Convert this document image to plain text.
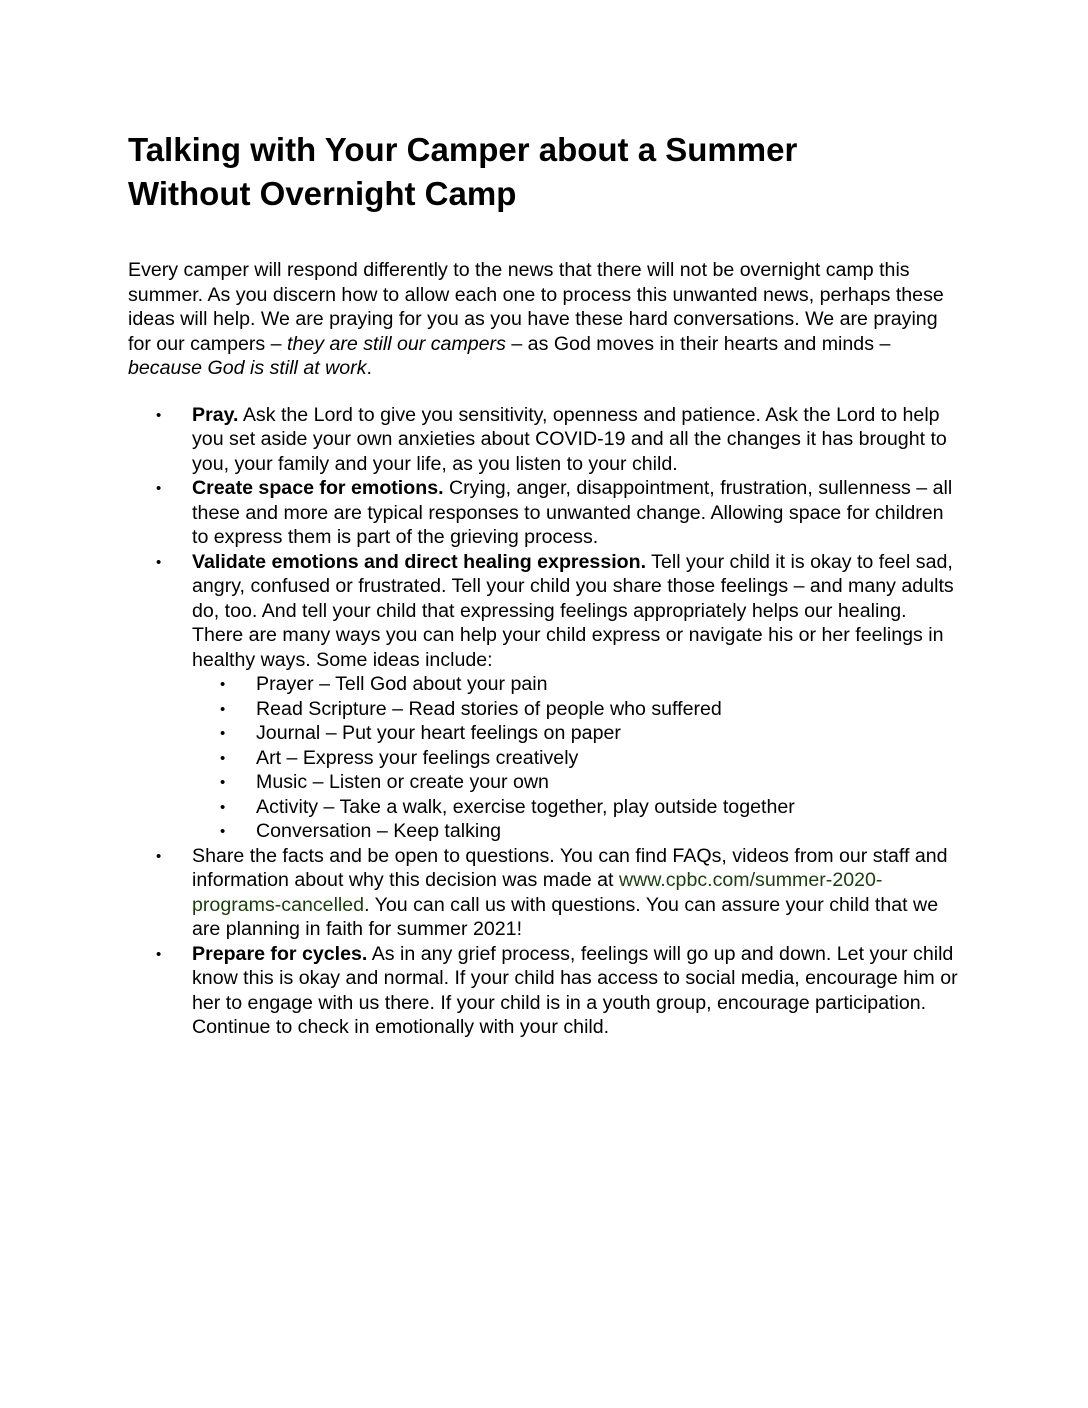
Talking with Your Camper about a Summer
Without Overnight Camp

Every camper will respond differently to the news that there will not be overnight camp this summer. As you discern how to allow each one to process this unwanted news, perhaps these ideas will help. We are praying for you as you have these hard conversations. We are praying for our campers – they are still our campers – as God moves in their hearts and minds – because God is still at work.

• Pray. Ask the Lord to give you sensitivity, openness and patience. Ask the Lord to help you set aside your own anxieties about COVID-19 and all the changes it has brought to you, your family and your life, as you listen to your child.
• Create space for emotions. Crying, anger, disappointment, frustration, sullenness – all these and more are typical responses to unwanted change. Allowing space for children to express them is part of the grieving process.
• Validate emotions and direct healing expression. Tell your child it is okay to feel sad, angry, confused or frustrated. Tell your child you share those feelings – and many adults do, too. And tell your child that expressing feelings appropriately helps our healing. There are many ways you can help your child express or navigate his or her feelings in healthy ways. Some ideas include:
• Prayer – Tell God about your pain
• Read Scripture – Read stories of people who suffered
• Journal – Put your heart feelings on paper
• Art – Express your feelings creatively
• Music – Listen or create your own
• Activity – Take a walk, exercise together, play outside together
• Conversation – Keep talking
• Share the facts and be open to questions. You can find FAQs, videos from our staff and information about why this decision was made at www.cpbc.com/summer-2020-programs-cancelled. You can call us with questions. You can assure your child that we are planning in faith for summer 2021!
• Prepare for cycles. As in any grief process, feelings will go up and down. Let your child know this is okay and normal. If your child has access to social media, encourage him or her to engage with us there. If your child is in a youth group, encourage participation. Continue to check in emotionally with your child.
